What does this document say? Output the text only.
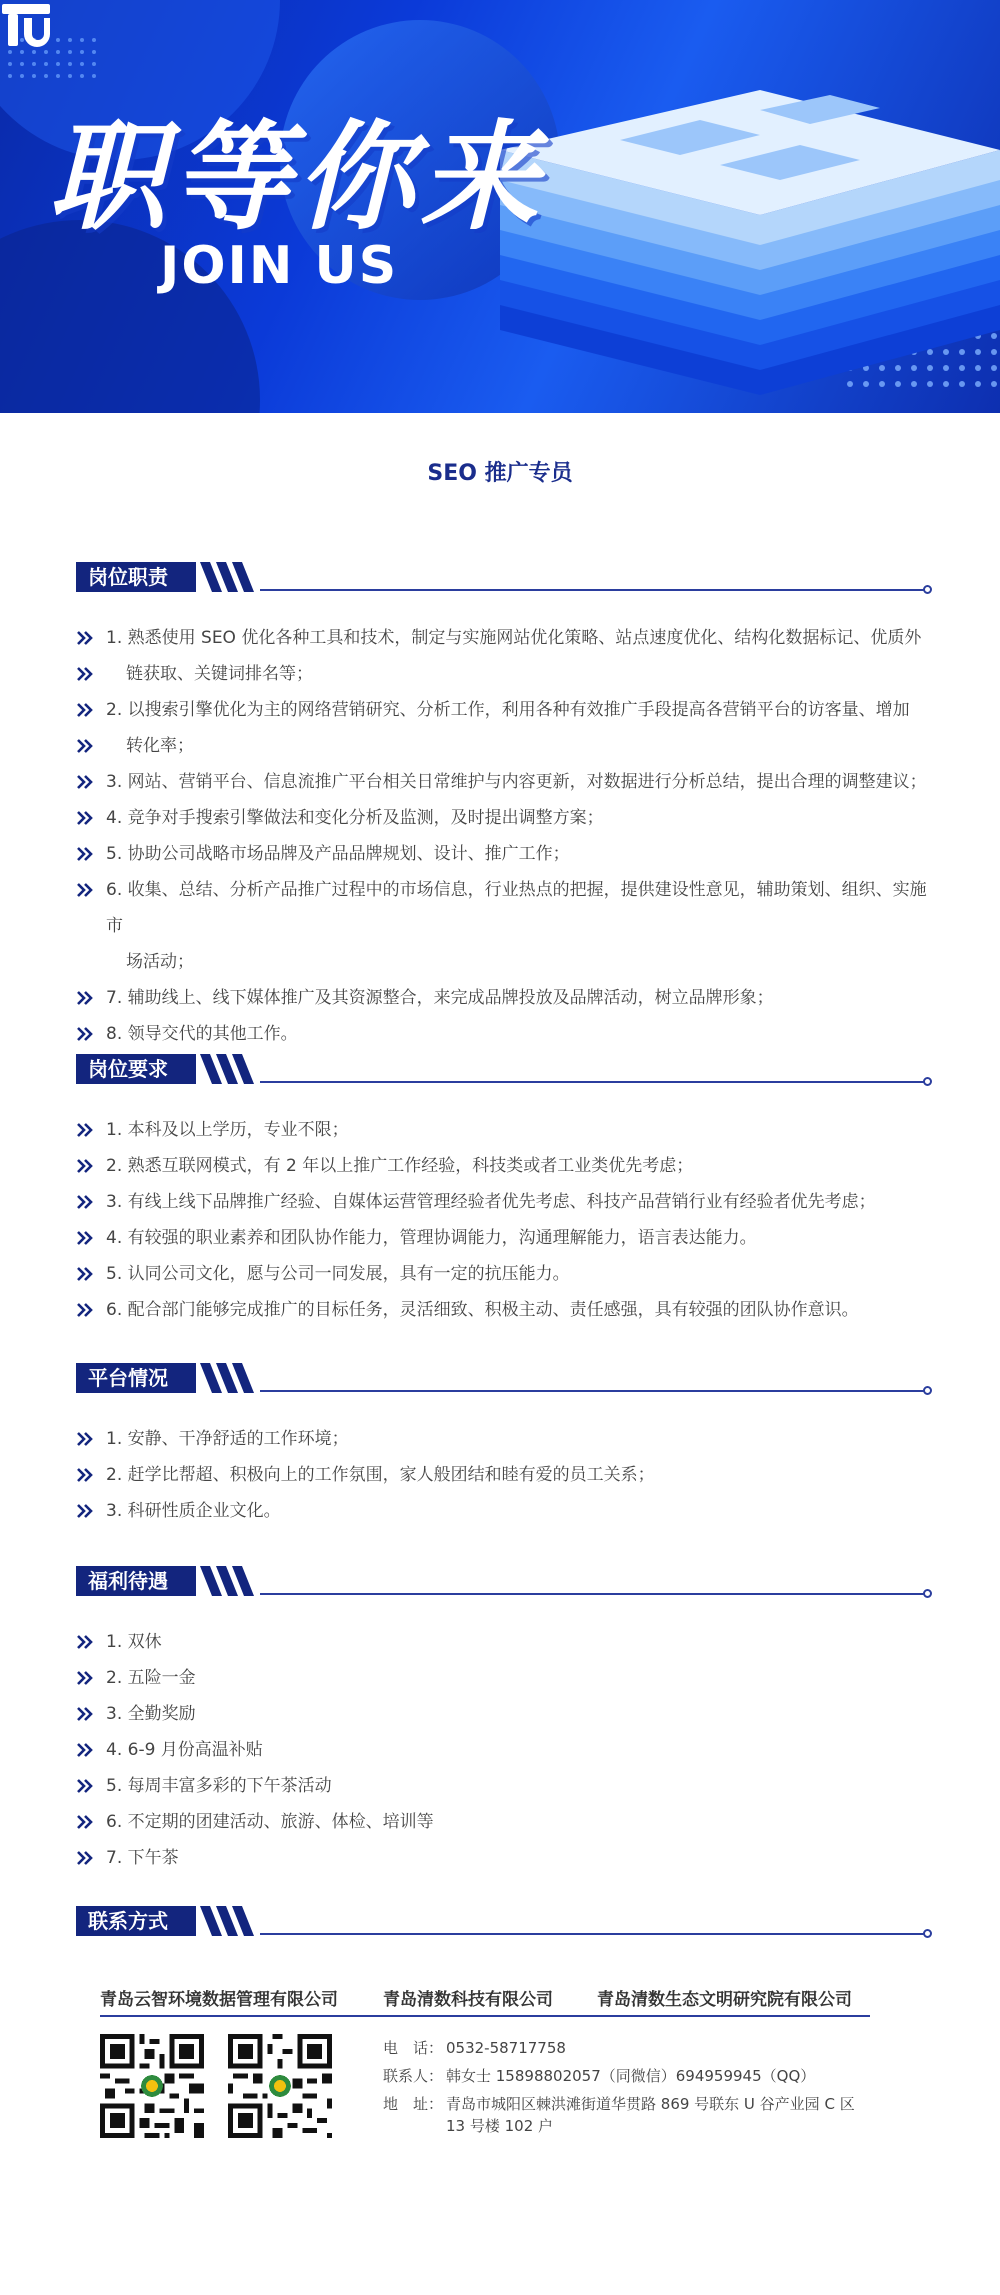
职等你来
JOIN US
SEO 推广专员
岗位职责
1. 熟悉使用 SEO 优化各种工具和技术，制定与实施网站优化策略、站点速度优化、结构化数据标记、优质外
链获取、关键词排名等；
2. 以搜索引擎优化为主的网络营销研究、分析工作，利用各种有效推广手段提高各营销平台的访客量、增加
转化率；
3. 网站、营销平台、信息流推广平台相关日常维护与内容更新，对数据进行分析总结，提出合理的调整建议；
4. 竞争对手搜索引擎做法和变化分析及监测，及时提出调整方案；
5. 协助公司战略市场品牌及产品品牌规划、设计、推广工作；
6. 收集、总结、分析产品推广过程中的市场信息，行业热点的把握，提供建设性意见，辅助策划、组织、实施市
场活动；
7. 辅助线上、线下媒体推广及其资源整合，来完成品牌投放及品牌活动，树立品牌形象；
8. 领导交代的其他工作。
岗位要求
1. 本科及以上学历，专业不限；
2. 熟悉互联网模式，有 2 年以上推广工作经验，科技类或者工业类优先考虑；
3. 有线上线下品牌推广经验、自媒体运营管理经验者优先考虑、科技产品营销行业有经验者优先考虑；
4. 有较强的职业素养和团队协作能力，管理协调能力，沟通理解能力，语言表达能力。
5. 认同公司文化，愿与公司一同发展，具有一定的抗压能力。
6. 配合部门能够完成推广的目标任务，灵活细致、积极主动、责任感强，具有较强的团队协作意识。
平台情况
1. 安静、干净舒适的工作环境；
2. 赶学比帮超、积极向上的工作氛围，家人般团结和睦有爱的员工关系；
3. 科研性质企业文化。
福利待遇
1. 双休
2. 五险一金
3. 全勤奖励
4. 6-9 月份高温补贴
5. 每周丰富多彩的下午茶活动
6. 不定期的团建活动、旅游、体检、培训等
7. 下午茶
联系方式
青岛云智环境数据管理有限公司	青岛清数科技有限公司	青岛清数生态文明研究院有限公司
电　话： 0532-58717758
联系人： 韩女士 15898802057（同微信）694959945（QQ）
地　址： 青岛市城阳区棘洪滩街道华贯路 869 号联东 U 谷产业园 C 区
13 号楼 102 户
